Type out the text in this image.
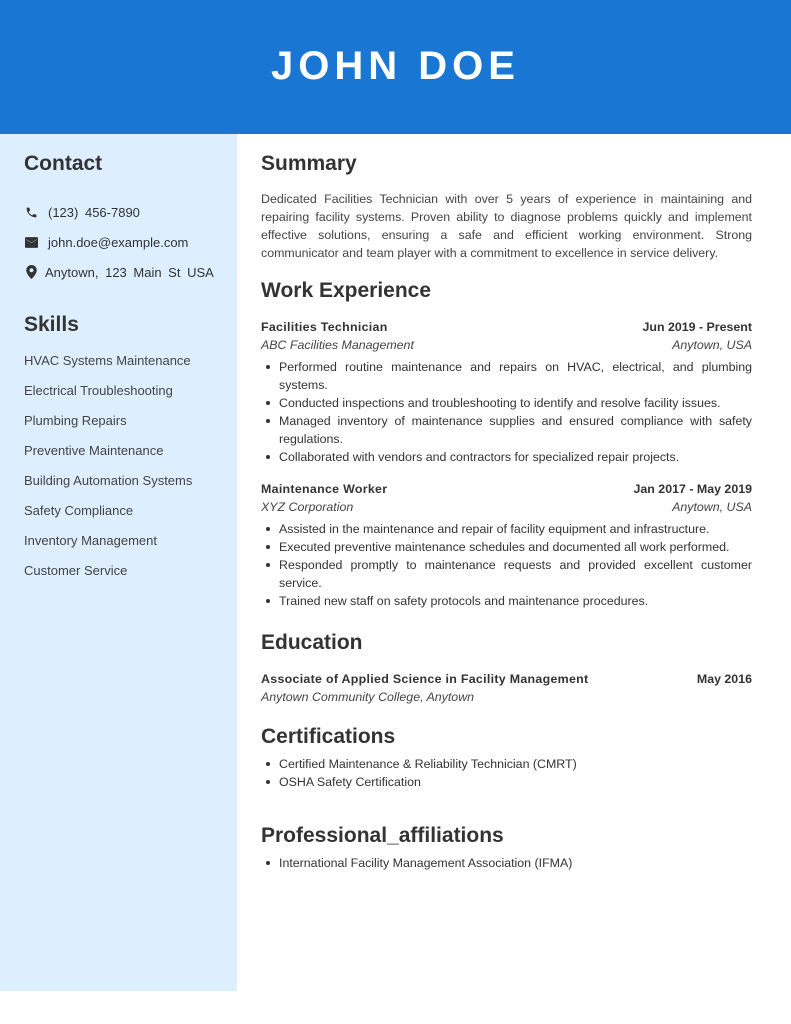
JOHN DOE
Contact
(123) 456-7890
john.doe@example.com
Anytown, 123 Main St USA
Skills
HVAC Systems Maintenance
Electrical Troubleshooting
Plumbing Repairs
Preventive Maintenance
Building Automation Systems
Safety Compliance
Inventory Management
Customer Service
Summary

Dedicated Facilities Technician with over 5 years of experience in maintaining and repairing facility systems. Proven ability to diagnose problems quickly and implement effective solutions, ensuring a safe and efficient working environment. Strong communicator and team player with a commitment to excellence in service delivery.

Work Experience
Facilities Technician	Jun 2019 - Present
ABC Facilities Management	Anytown, USA
Performed routine maintenance and repairs on HVAC, electrical, and plumbing systems.
Conducted inspections and troubleshooting to identify and resolve facility issues.
Managed inventory of maintenance supplies and ensured compliance with safety regulations.
Collaborated with vendors and contractors for specialized repair projects.
Maintenance Worker	Jan 2017 - May 2019
XYZ Corporation	Anytown, USA
Assisted in the maintenance and repair of facility equipment and infrastructure.
Executed preventive maintenance schedules and documented all work performed.
Responded promptly to maintenance requests and provided excellent customer service.
Trained new staff on safety protocols and maintenance procedures.
Education
Associate of Applied Science in Facility Management	May 2016
Anytown Community College, Anytown
Certifications
Certified Maintenance & Reliability Technician (CMRT)
OSHA Safety Certification
Professional_affiliations
International Facility Management Association (IFMA)
